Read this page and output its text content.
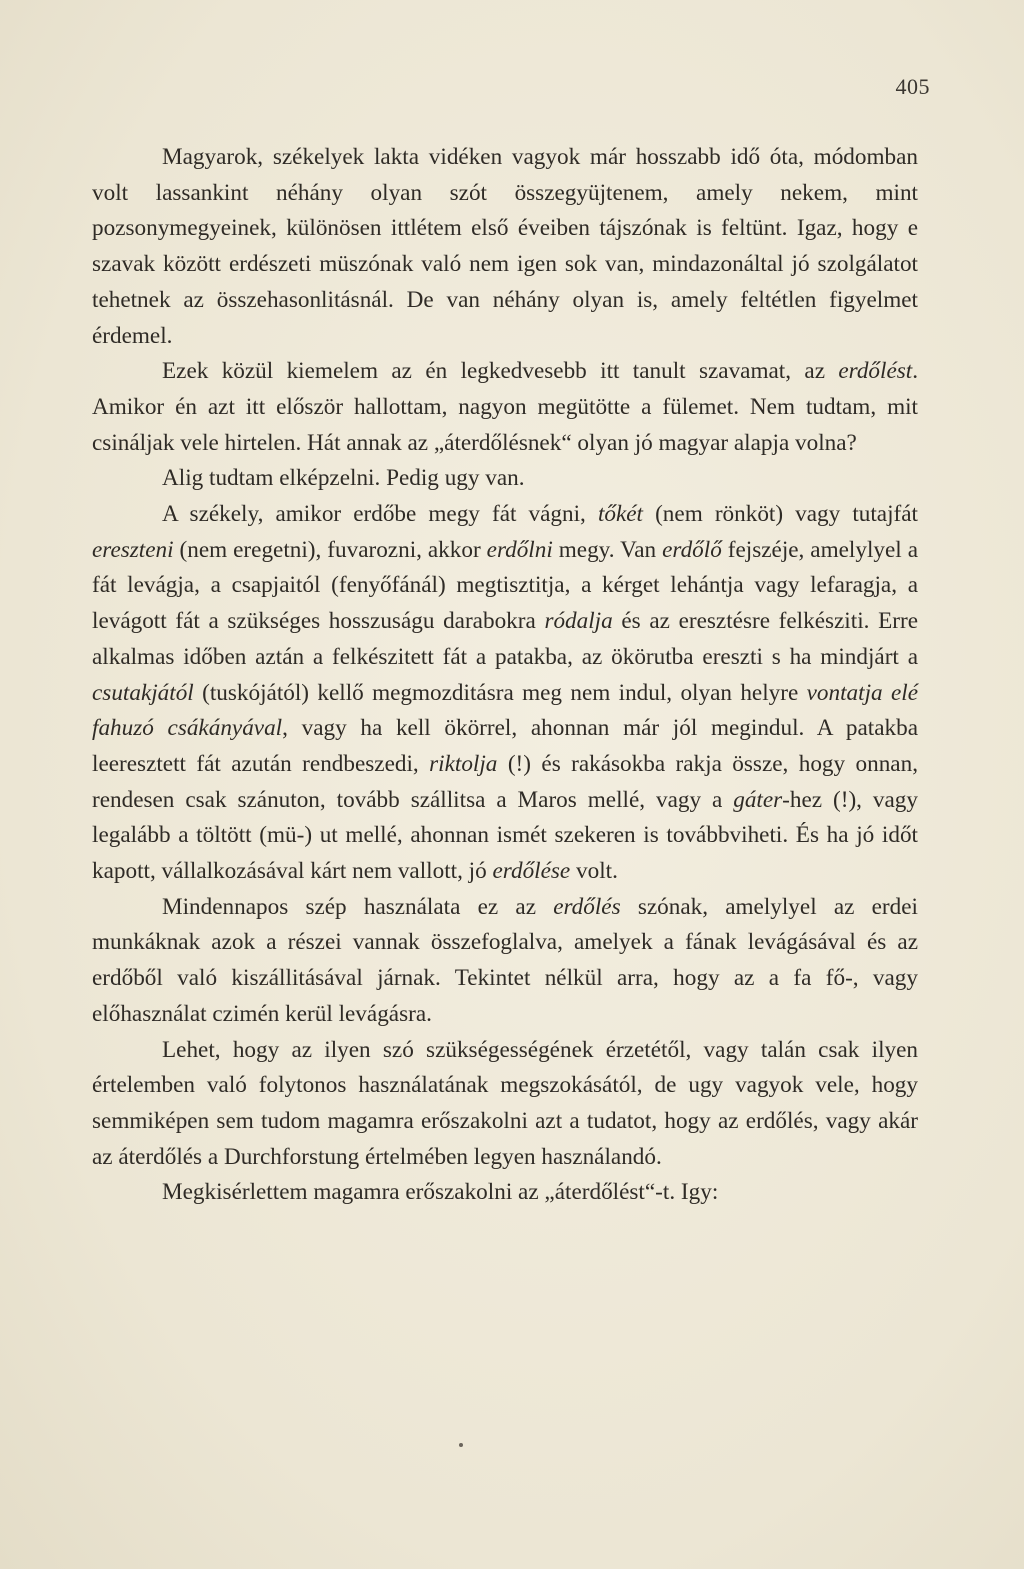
405

Magyarok, székelyek lakta vidéken vagyok már hosszabb idő óta, módomban volt lassankint néhány olyan szót összegyüjtenem, amely nekem, mint pozsonymegyeinek, különösen ittlétem első éveiben tájszónak is feltünt. Igaz, hogy e szavak között erdészeti müszónak való nem igen sok van, mindazonáltal jó szolgálatot tehetnek az összehasonlitásnál. De van néhány olyan is, amely feltétlen figyelmet érdemel.

Ezek közül kiemelem az én legkedvesebb itt tanult szavamat, az erdőlést. Amikor én azt itt először hallottam, nagyon megütötte a fülemet. Nem tudtam, mit csináljak vele hirtelen. Hát annak az „áterdőlésnek“ olyan jó magyar alapja volna?

Alig tudtam elképzelni. Pedig ugy van.

A székely, amikor erdőbe megy fát vágni, tőkét (nem rönköt) vagy tutajfát ereszteni (nem eregetni), fuvarozni, akkor erdőlni megy. Van erdőlő fejszéje, amelylyel a fát levágja, a csapjaitól (fenyőfánál) megtisztitja, a kérget lehántja vagy lefaragja, a levágott fát a szükséges hosszuságu darabokra ródalja és az eresztésre felkésziti. Erre alkalmas időben aztán a felkészitett fát a patakba, az ökörutba ereszti s ha mindjárt a csutakjától (tuskójától) kellő megmozditásra meg nem indul, olyan helyre vontatja elé fahuzó csákányával, vagy ha kell ökörrel, ahonnan már jól megindul. A patakba leeresztett fát azután rendbeszedi, riktolja (!) és rakásokba rakja össze, hogy onnan, rendesen csak szánuton, tovább szállitsa a Maros mellé, vagy a gáter-hez (!), vagy legalább a töltött (mü-) ut mellé, ahonnan ismét szekeren is továbbviheti. És ha jó időt kapott, vállalkozásával kárt nem vallott, jó erdőlése volt.

Mindennapos szép használata ez az erdőlés szónak, amelylyel az erdei munkáknak azok a részei vannak összefoglalva, amelyek a fának levágásával és az erdőből való kiszállitásával járnak. Tekintet nélkül arra, hogy az a fa fő-, vagy előhasználat czimén kerül levágásra.

Lehet, hogy az ilyen szó szükségességének érzetétől, vagy talán csak ilyen értelemben való folytonos használatának megszokásától, de ugy vagyok vele, hogy semmiképen sem tudom magamra erőszakolni azt a tudatot, hogy az erdőlés, vagy akár az áterdőlés a Durchforstung értelmében legyen használandó.

Megkisérlettem magamra erőszakolni az „áterdőlést“-t. Igy:
